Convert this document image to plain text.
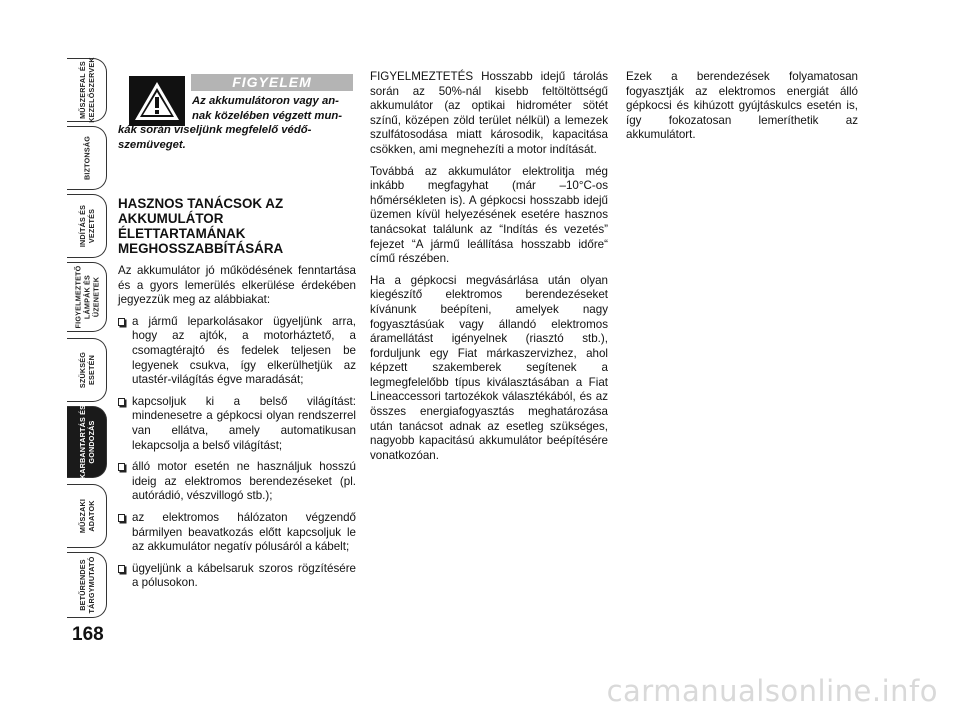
MŰSZERFAL ÉS
KEZELŐSZERVEK
BIZTONSÁG
INDÍTÁS ÉS
VEZETÉS
FIGYELMEZTETŐ
LÁMPÁK ÉS
ÜZENETEK
SZÜKSÉG
ESETÉN
KARBANTARTÁS ÉS
GONDOZÁS
MŰSZAKI
ADATOK
BETŰRENDES
TÁRGYMUTATÓ
168
FIGYELEM
Az akkumulátoron vagy an-
nak közelében végzett mun-
kák során viseljünk megfelelő védő-
szemüveget.
HASZNOS TANÁCSOK AZ
AKKUMULÁTOR
ÉLETTARTAMÁNAK
MEGHOSSZABBÍTÁSÁRA

Az akkumulátor jó működésének fenntartása és a gyors lemerülés elkerülése érdekében jegyezzük meg az alábbiakat:

a jármű leparkolásakor ügyeljünk arra, hogy az ajtók, a motorháztető, a csomagtérajtó és fedelek teljesen be legyenek csukva, így elkerülhetjük az utastér-világítás égve maradását;
kapcsoljuk ki a belső világítást: mindenesetre a gépkocsi olyan rendszerrel van ellátva, amely automatikusan lekapcsolja a belső világítást;
álló motor esetén ne használjuk hosszú ideig az elektromos berendezéseket (pl. autórádió, vészvillogó stb.);
az elektromos hálózaton végzendő bármilyen beavatkozás előtt kapcsoljuk le az akkumulátor negatív pólusáról a kábelt;
ügyeljünk a kábelsaruk szoros rögzítésére a pólusokon.

FIGYELMEZTETÉS Hosszabb idejű tárolás során az 50%-nál kisebb feltöltöttségű akkumulátor (az optikai hidrométer sötét színű, középen zöld terület nélkül) a lemezek szulfátosodása miatt károsodik, kapacitása csökken, ami megnehezíti a motor indítását.

Továbbá az akkumulátor elektrolitja még inkább megfagyhat (már –10°C-os hőmérsékleten is). A gépkocsi hosszabb idejű üzemen kívül helyezésének esetére hasznos tanácsokat találunk az “Indítás és vezetés” fejezet “A jármű leállítása hosszabb időre“ című részében.

Ha a gépkocsi megvásárlása után olyan kiegészítő elektromos berendezéseket kívánunk beépíteni, amelyek nagy fogyasztásúak vagy állandó elektromos áramellátást igényelnek (riasztó stb.), forduljunk egy Fiat márkaszervizhez, ahol képzett szakemberek segítenek a legmegfelelőbb típus kiválasztásában a Fiat Lineaccessori tartozékok választékából, és az összes energiafogyasztás meghatározása után tanácsot adnak az esetleg szükséges, nagyobb kapacitású akkumulátor beépítésére vonatkozóan.

Ezek a berendezések folyamatosan fogyasztják az elektromos energiát álló gépkocsi és kihúzott gyújtáskulcs esetén is, így fokozatosan lemeríthetik az akkumulátort.

carmanualsonline.info
